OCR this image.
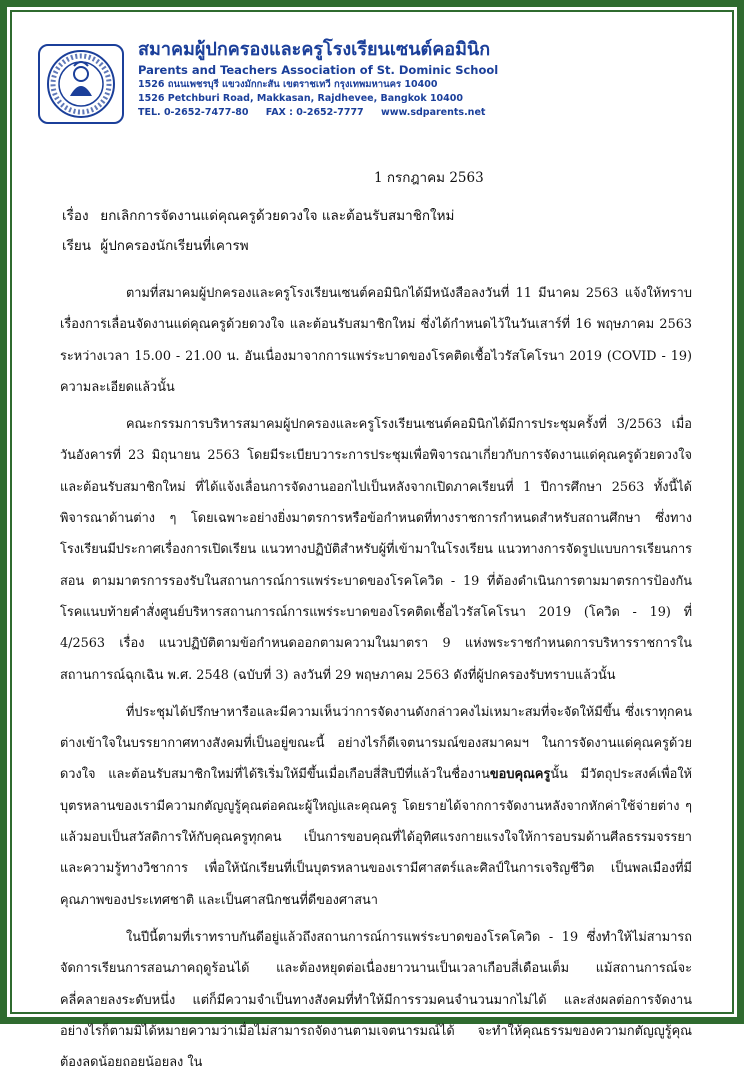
สมาคมผู้ปกครองและครูโรงเรียนเซนต์คอมินิก
Parents and Teachers Association of St. Dominic School
1526 ถนนเพชรบุรี แขวงมักกะสัน เขตราชเทวี กรุงเทพมหานคร 10400
1526 Petchburi Road, Makkasan, Rajdhevee, Bangkok 10400
TEL. 0-2652-7477-80 FAX : 0-2652-7777 www.sdparents.net
1 กรกฎาคม 2563
เรื่อง ยกเลิกการจัดงานแด่คุณครูด้วยดวงใจ และต้อนรับสมาชิกใหม่
เรียน ผู้ปกครองนักเรียนที่เคารพ

ตามที่สมาคมผู้ปกครองและครูโรงเรียนเซนต์คอมินิกได้มีหนังสือลงวันที่ 11 มีนาคม 2563 แจ้งให้ทราบเรื่องการเลื่อนจัดงานแด่คุณครูด้วยดวงใจ และต้อนรับสมาชิกใหม่ ซึ่งได้กำหนดไว้ในวันเสาร์ที่ 16 พฤษภาคม 2563 ระหว่างเวลา 15.00 - 21.00 น. อันเนื่องมาจากการแพร่ระบาดของโรคติดเชื้อไวรัสโคโรนา 2019 (COVID - 19) ความละเอียดแล้วนั้น

คณะกรรมการบริหารสมาคมผู้ปกครองและครูโรงเรียนเซนต์คอมินิกได้มีการประชุมครั้งที่ 3/2563 เมื่อวันอังคารที่ 23 มิถุนายน 2563 โดยมีระเบียบวาระการประชุมเพื่อพิจารณาเกี่ยวกับการจัดงานแด่คุณครูด้วยดวงใจ และต้อนรับสมาชิกใหม่ ที่ได้แจ้งเลื่อนการจัดงานออกไปเป็นหลังจากเปิดภาคเรียนที่ 1 ปีการศึกษา 2563 ทั้งนี้ได้พิจารณาด้านต่าง ๆ โดยเฉพาะอย่างยิ่งมาตรการหรือข้อกำหนดที่ทางราชการกำหนดสำหรับสถานศึกษา ซึ่งทางโรงเรียนมีประกาศเรื่องการเปิดเรียน แนวทางปฏิบัติสำหรับผู้ที่เข้ามาในโรงเรียน แนวทางการจัดรูปแบบการเรียนการสอน ตามมาตรการรองรับในสถานการณ์การแพร่ระบาดของโรคโควิด - 19 ที่ต้องดำเนินการตามมาตรการป้องกันโรคแนบท้ายคำสั่งศูนย์บริหารสถานการณ์การแพร่ระบาดของโรคติดเชื้อไวรัสโคโรนา 2019 (โควิด - 19) ที่ 4/2563 เรื่อง แนวปฏิบัติตามข้อกำหนดออกตามความในมาตรา 9 แห่งพระราชกำหนดการบริหารราชการในสถานการณ์ฉุกเฉิน พ.ศ. 2548 (ฉบับที่ 3) ลงวันที่ 29 พฤษภาคม 2563 ดังที่ผู้ปกครองรับทราบแล้วนั้น

ที่ประชุมได้ปรึกษาหารือและมีความเห็นว่าการจัดงานดังกล่าวคงไม่เหมาะสมที่จะจัดให้มีขึ้น ซึ่งเราทุกคนต่างเข้าใจในบรรยากาศทางสังคมที่เป็นอยู่ขณะนี้ อย่างไรก็ดีเจตนารมณ์ของสมาคมฯ ในการจัดงานแด่คุณครูด้วยดวงใจ และต้อนรับสมาชิกใหม่ที่ได้ริเริ่มให้มีขึ้นเมื่อเกือบสี่สิบปีที่แล้วในชื่องานขอบคุณครูนั้น มีวัตถุประสงค์เพื่อให้บุตรหลานของเรามีความกตัญญูรู้คุณต่อคณะผู้ใหญ่และคุณครู โดยรายได้จากการจัดงานหลังจากหักค่าใช้จ่ายต่าง ๆ แล้วมอบเป็นสวัสดิการให้กับคุณครูทุกคน เป็นการขอบคุณที่ได้อุทิศแรงกายแรงใจให้การอบรมด้านศีลธรรมจรรยา และความรู้ทางวิชาการ เพื่อให้นักเรียนที่เป็นบุตรหลานของเรามีศาสตร์และศิลป์ในการเจริญชีวิต เป็นพลเมืองที่มีคุณภาพของประเทศชาติ และเป็นศาสนิกชนที่ดีของศาสนา

ในปีนี้ตามที่เราทราบกันดีอยู่แล้วถึงสถานการณ์การแพร่ระบาดของโรคโควิด - 19 ซึ่งทำให้ไม่สามารถจัดการเรียนการสอนภาคฤดูร้อนได้ และต้องหยุดต่อเนื่องยาวนานเป็นเวลาเกือบสี่เดือนเต็ม แม้สถานการณ์จะคลี่คลายลงระดับหนึ่ง แต่ก็มีความจำเป็นทางสังคมที่ทำให้มีการรวมคนจำนวนมากไม่ได้ และส่งผลต่อการจัดงาน อย่างไรก็ตามมิได้หมายความว่าเมื่อไม่สามารถจัดงานตามเจตนารมณ์ได้ จะทำให้คุณธรรมของความกตัญญูรู้คุณต้องลดน้อยถอยน้อยลง ใน
